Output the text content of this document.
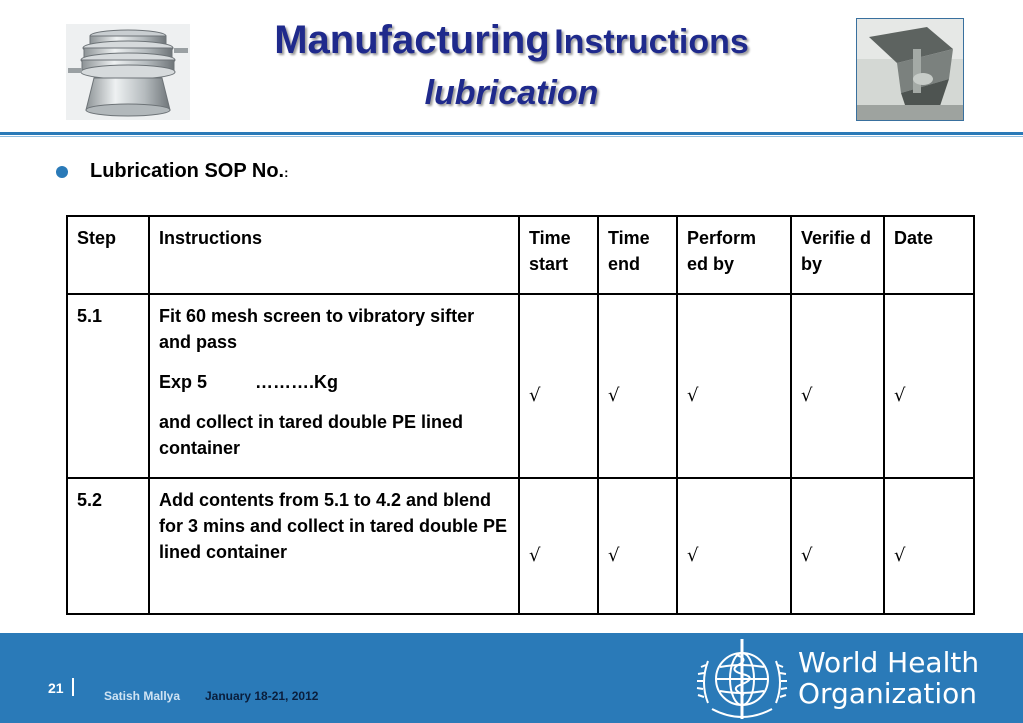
Manufacturing Instructions
lubrication
Lubrication SOP No.:
Step	Instructions	Time start	Time end	Perform ed by	Verifie d by	Date
5.1	Fit 60 mesh screen to vibratory sifter and pass

Exp 5 ……….Kg

and collect in tared double PE lined container	√	√	√	√	√
5.2	Add contents from 5.1 to 4.2 and blend for 3 mins and collect in tared double PE lined container	√	√	√	√	√
21	Satish Mallya January 18-21, 2012
World Health
Organization
